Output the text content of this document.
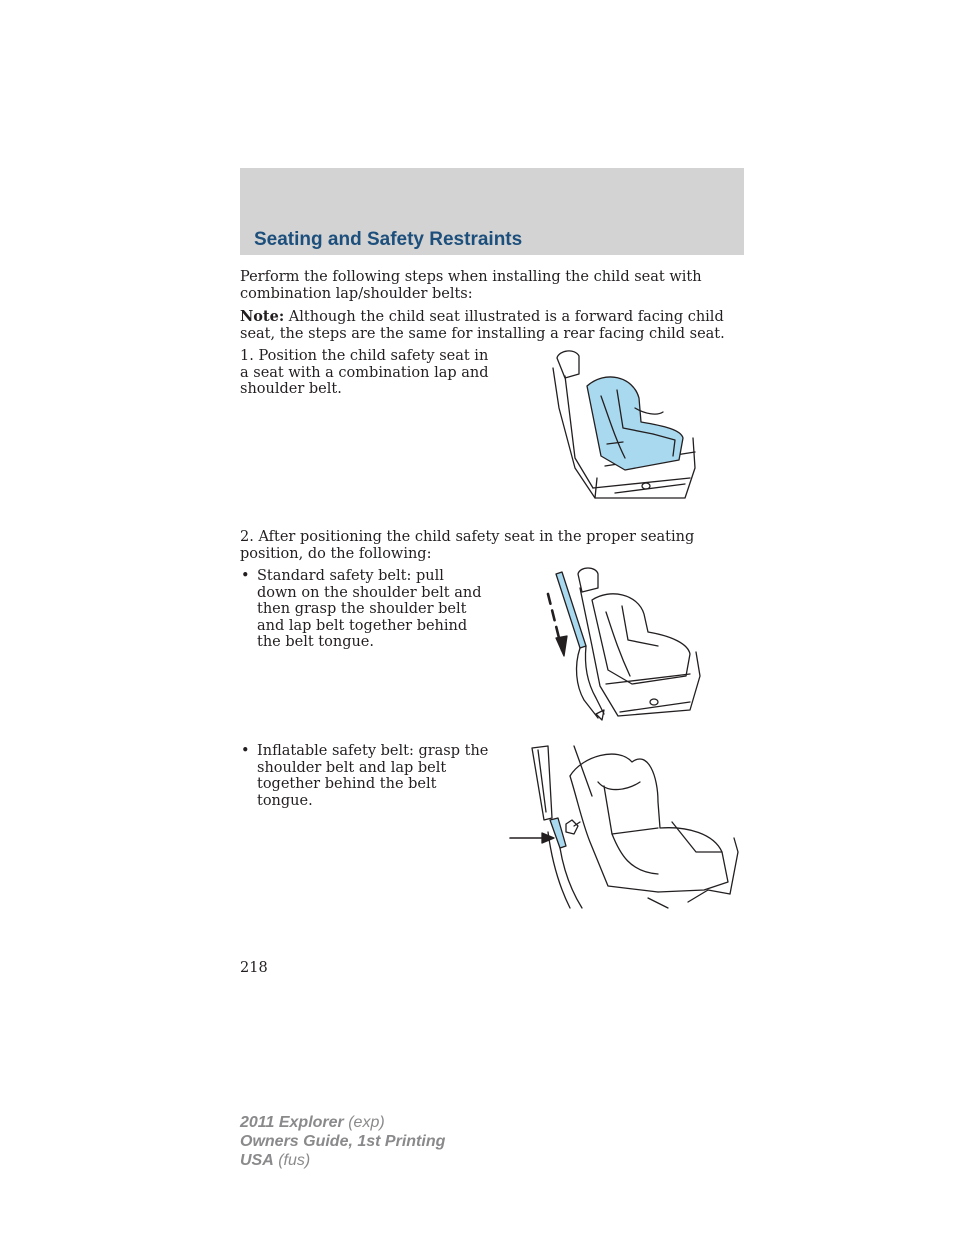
Seating and Safety Restraints

Perform the following steps when installing the child seat with combination lap/shoulder belts:

Note: Although the child seat illustrated is a forward facing child seat, the steps are the same for installing a rear facing child seat.

1. Position the child safety seat in a seat with a combination lap and shoulder belt.

2. After positioning the child safety seat in the proper seating position, do the following:

• Standard safety belt: pull down on the shoulder belt and then grasp the shoulder belt and lap belt together behind the belt tongue.

• Inflatable safety belt: grasp the shoulder belt and lap belt together behind the belt tongue.

218
2011 Explorer (exp)
Owners Guide, 1st Printing
USA (fus)
